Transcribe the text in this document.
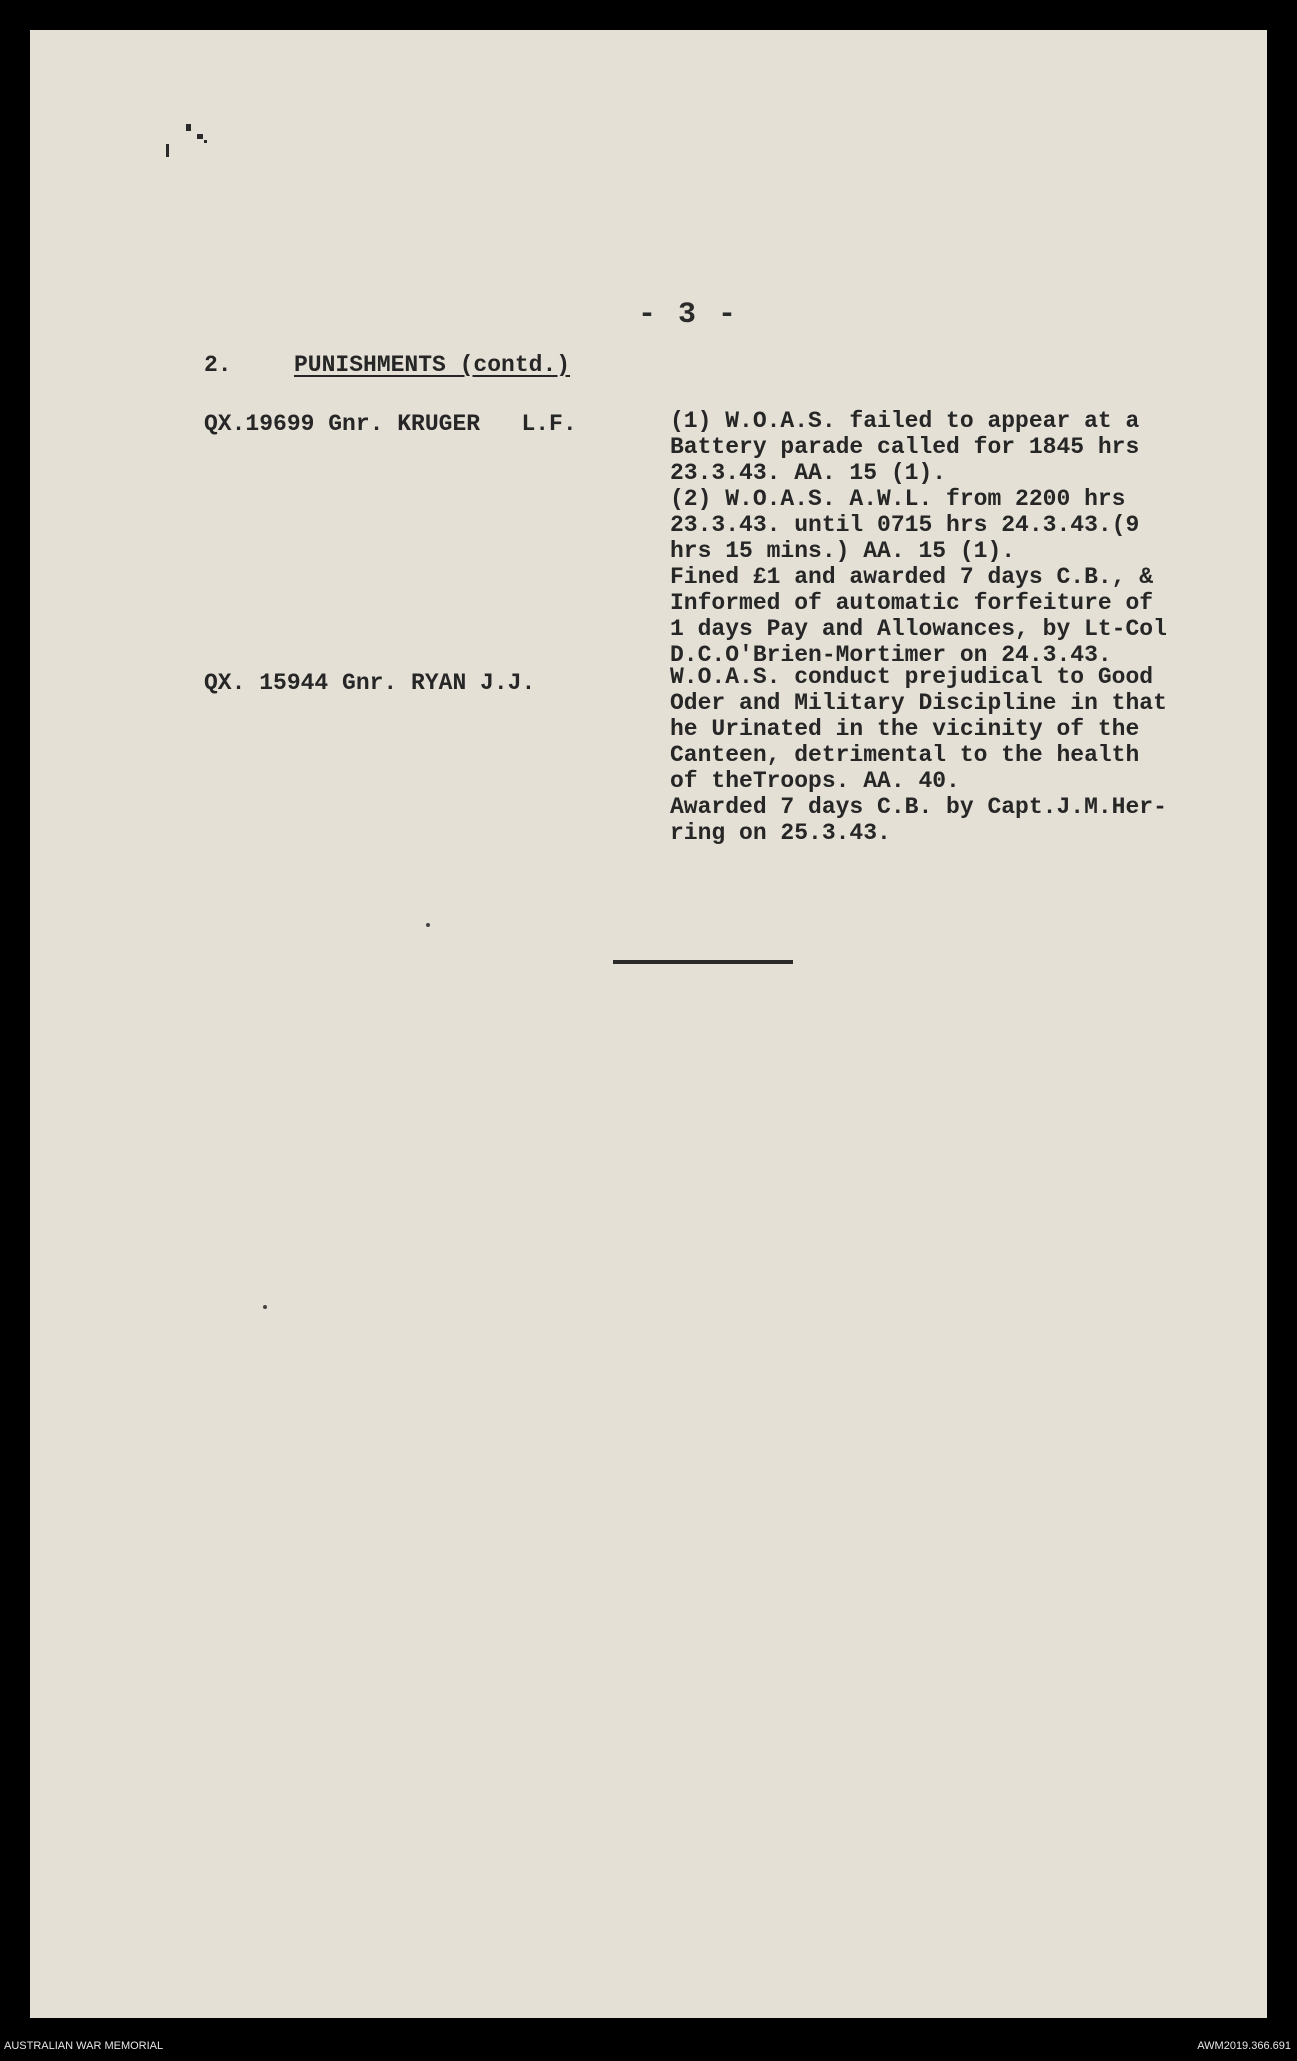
- 3 -
2.	PUNISHMENTS (contd.)
QX.19699 Gnr. KRUGER   L.F.	(1) W.O.A.S. failed to appear at a
Battery parade called for 1845 hrs
23.3.43. AA. 15 (1).
(2) W.O.A.S. A.W.L. from 2200 hrs
23.3.43. until 0715 hrs 24.3.43.(9
hrs 15 mins.) AA. 15 (1).
Fined £1 and awarded 7 days C.B., &
Informed of automatic forfeiture of
1 days Pay and Allowances, by Lt-Col
D.C.O'Brien-Mortimer on 24.3.43.
QX. 15944 Gnr. RYAN J.J.	W.O.A.S. conduct prejudical to Good
Oder and Military Discipline in that
he Urinated in the vicinity of the
Canteen, detrimental to the health
of theTroops. AA. 40.
Awarded 7 days C.B. by Capt.J.M.Her-
ring on 25.3.43.
AUSTRALIAN WAR MEMORIAL	AWM2019.366.691
